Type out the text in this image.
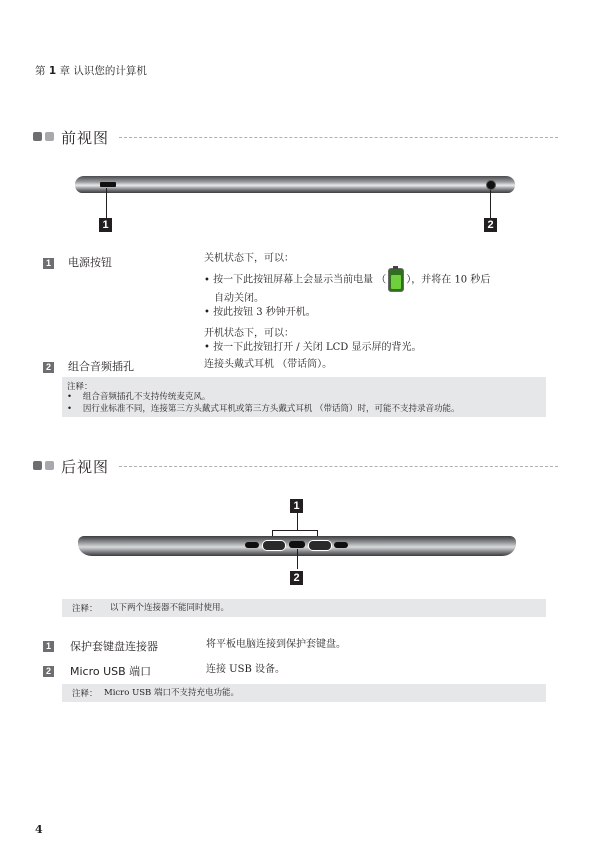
第 1 章 认识您的计算机
前视图
1	2
1 电源按钮	关机状态下，可以：
• 按一下此按钮屏幕上会显示当前电量 （ ），并将在 10 秒后
自动关闭。
• 按此按钮 3 秒钟开机。
开机状态下，可以：
• 按一下此按钮打开 / 关闭 LCD 显示屏的背光。
2 组合音频插孔	连接头戴式耳机 （带话筒）。
注释：
•    组合音频插孔不支持传统麦克风。
•    因行业标准不同，连接第三方头戴式耳机或第三方头戴式耳机 （带话筒）时，可能不支持录音功能。
后视图
1
2
注释： 以下两个连接器不能同时使用。
1 保护套键盘连接器	将平板电脑连接到保护套键盘。
2 Micro USB 端口	连接 USB 设备。
注释： Micro USB 端口不支持充电功能。
4
